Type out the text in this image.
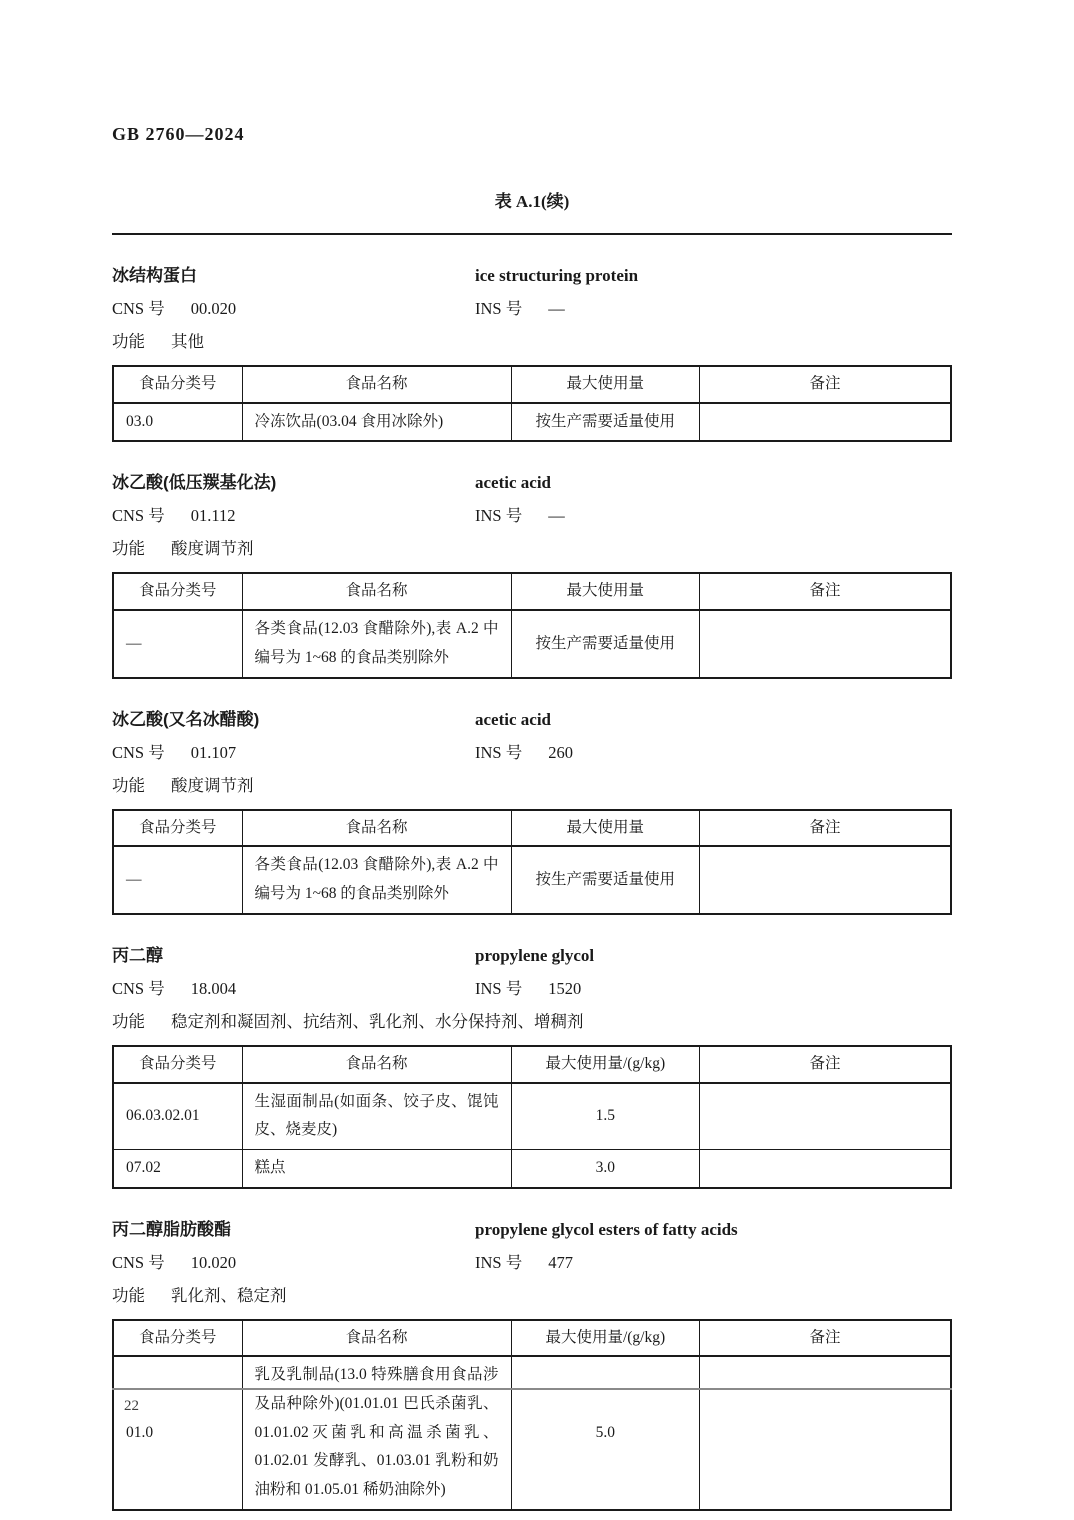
GB 2760—2024
表 A.1(续)
冰结构蛋白	ice structuring protein
CNS 号 00.020	INS 号 —
功能 其他
食品分类号	食品名称	最大使用量	备注
03.0	冷冻饮品(03.04 食用冰除外)	按生产需要适量使用	
冰乙酸(低压羰基化法)	acetic acid
CNS 号 01.112	INS 号 —
功能 酸度调节剂
食品分类号	食品名称	最大使用量	备注
—	各类食品(12.03 食醋除外),表 A.2 中编号为 1~68 的食品类别除外	按生产需要适量使用	
冰乙酸(又名冰醋酸)	acetic acid
CNS 号 01.107	INS 号 260
功能 酸度调节剂
食品分类号	食品名称	最大使用量	备注
—	各类食品(12.03 食醋除外),表 A.2 中编号为 1~68 的食品类别除外	按生产需要适量使用	
丙二醇	propylene glycol
CNS 号 18.004	INS 号 1520
功能 稳定剂和凝固剂、抗结剂、乳化剂、水分保持剂、增稠剂
食品分类号	食品名称	最大使用量/(g/kg)	备注
06.03.02.01	生湿面制品(如面条、饺子皮、馄饨皮、烧麦皮)	1.5	
07.02	糕点	3.0	
丙二醇脂肪酸酯	propylene glycol esters of fatty acids
CNS 号 10.020	INS 号 477
功能 乳化剂、稳定剂
食品分类号	食品名称	最大使用量/(g/kg)	备注
01.0	乳及乳制品(13.0 特殊膳食用食品涉及品种除外)(01.01.01 巴氏杀菌乳、01.01.02灭菌乳和高温杀菌乳、01.02.01 发酵乳、01.03.01 乳粉和奶油粉和 01.05.01 稀奶油除外)	5.0	
22
